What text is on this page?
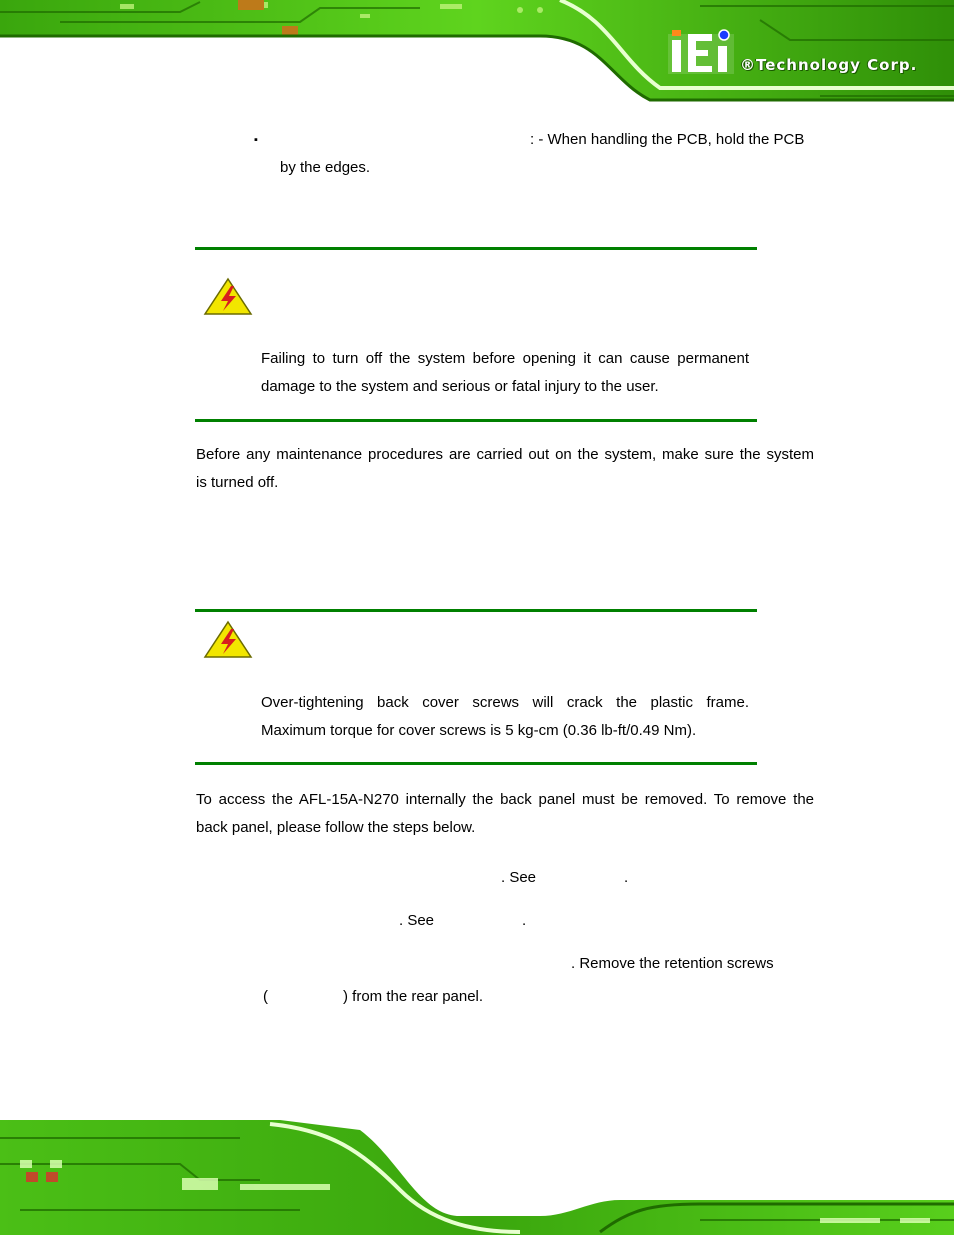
®Technology Corp.
▪	: - When handling the PCB, hold the PCB
by the edges.
Failing to turn off the system before opening it can cause permanent
damage to the system and serious or fatal injury to the user.
Before any maintenance procedures are carried out on the system, make sure the system
is turned off.
Over-tightening back cover screws will crack the plastic frame.
Maximum torque for cover screws is 5 kg-cm (0.36 lb-ft/0.49 Nm).
To access the AFL-15A-N270 internally the back panel must be removed. To remove the
back panel, please follow the steps below.
. See	.
. See	.
. Remove the retention screws
(	) from the rear panel.
